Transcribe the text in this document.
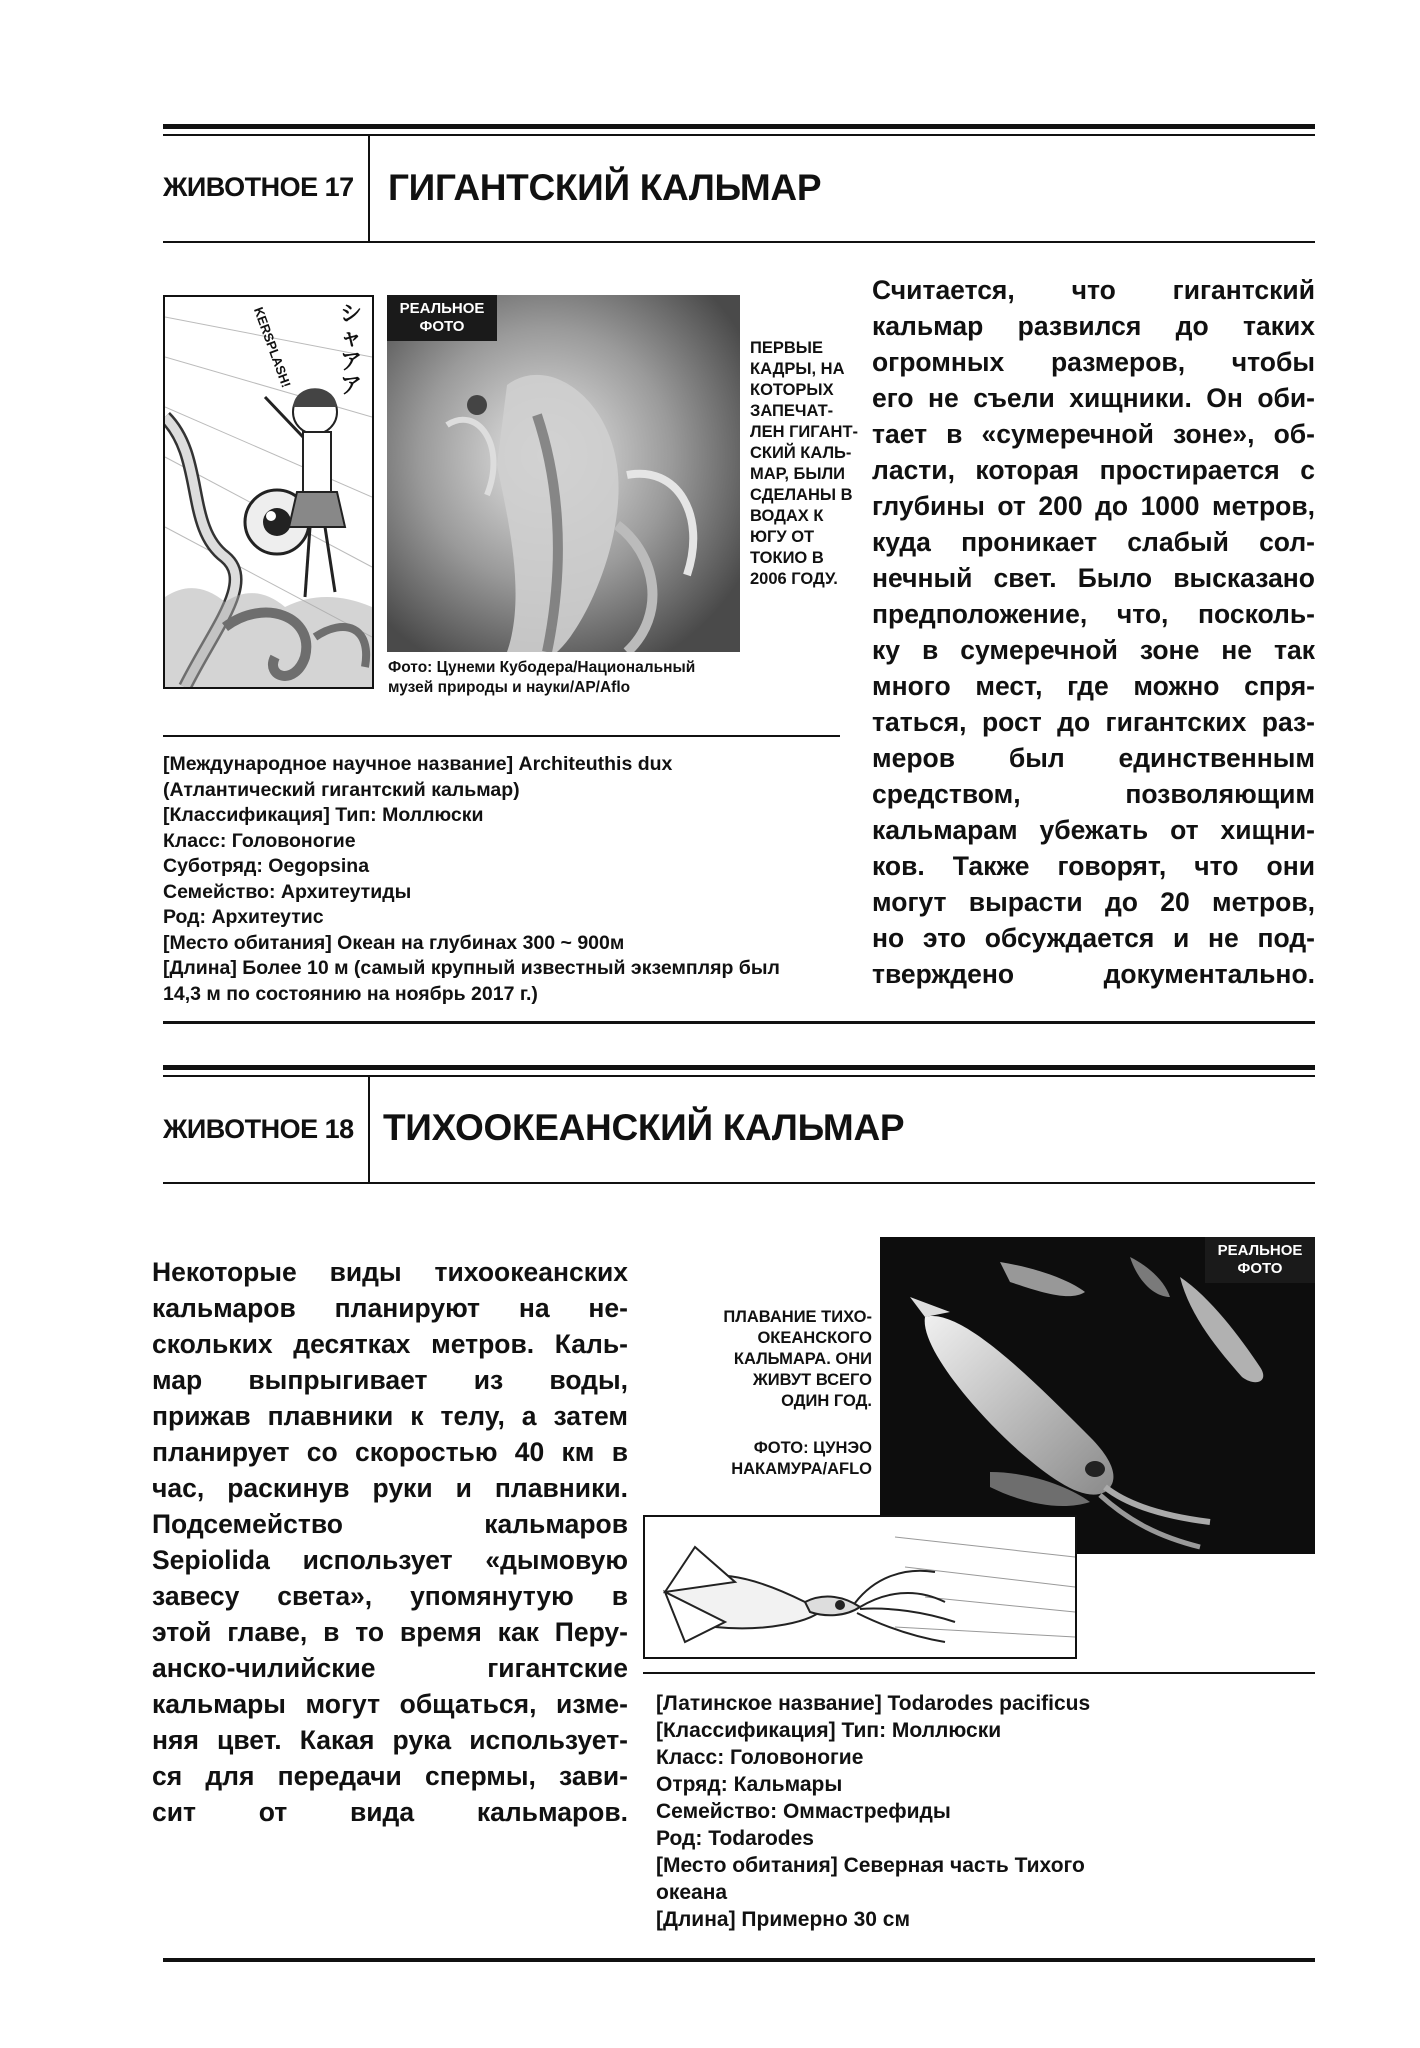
ЖИВОТНОЕ 17 ГИГАНТСКИЙ КАЛЬМАР
KERSPLASH! シャアア
РЕАЛЬНОЕ
ФОТО
ПЕРВЫЕ
КАДРЫ, НА
КОТОРЫХ
ЗАПЕЧАТ-
ЛЕН ГИГАНТ-
СКИЙ КАЛЬ-
МАР, БЫЛИ
СДЕЛАНЫ В
ВОДАХ К
ЮГУ ОТ
ТОКИО В
2006 ГОДУ.
Фото: Цунеми Кубодера/Национальный
музей природы и науки/AP/Aflo
[Международное научное название] Architeuthis dux
(Атлантический гигантский кальмар)
[Классификация] Тип: Моллюски
Класс: Головоногие
Суботряд: Oegopsina
Семейство: Архитеутиды
Род: Архитеутис
[Место обитания] Океан на глубинах 300 ~ 900м
[Длина] Более 10 м (самый крупный известный экземпляр был
14,3 м по состоянию на ноябрь 2017 г.)
Считается, что гигантский
кальмар развился до таких
огромных размеров, чтобы
его не съели хищники. Он оби-
тает в «сумеречной зоне», об-
ласти, которая простирается с
глубины от 200 до 1000 метров,
куда проникает слабый сол-
нечный свет. Было высказано
предположение, что, посколь-
ку в сумеречной зоне не так
много мест, где можно спря-
таться, рост до гигантских раз-
меров был единственным
средством, позволяющим
кальмарам убежать от хищни-
ков. Также говорят, что они
могут вырасти до 20 метров,
но это обсуждается и не под-
тверждено документально.
ЖИВОТНОЕ 18 ТИХООКЕАНСКИЙ КАЛЬМАР
Некоторые виды тихоокеанских
кальмаров планируют на не-
скольких десятках метров. Каль-
мар выпрыгивает из воды,
прижав плавники к телу, а затем
планирует со скоростью 40 км в
час, раскинув руки и плавники.
Подсемейство кальмаров
Sepiolida использует «дымовую
завесу света», упомянутую в
этой главе, в то время как Перу-
анско-чилийские гигантские
кальмары могут общаться, изме-
няя цвет. Какая рука использует-
ся для передачи спермы, зави-
сит от вида кальмаров.
РЕАЛЬНОЕ
ФОТО
ПЛАВАНИЕ ТИХО-
ОКЕАНСКОГО
КАЛЬМАРА. ОНИ
ЖИВУТ ВСЕГО
ОДИН ГОД.
ФОТО: ЦУНЭО
НАКАМУРА/AFLO
[Латинское название] Todarodes pacificus
[Классификация] Тип: Моллюски
Класс: Головоногие
Отряд: Кальмары
Семейство: Оммастрефиды
Род: Todarodes
[Место обитания] Северная часть Тихого
океана
[Длина] Примерно 30 см
